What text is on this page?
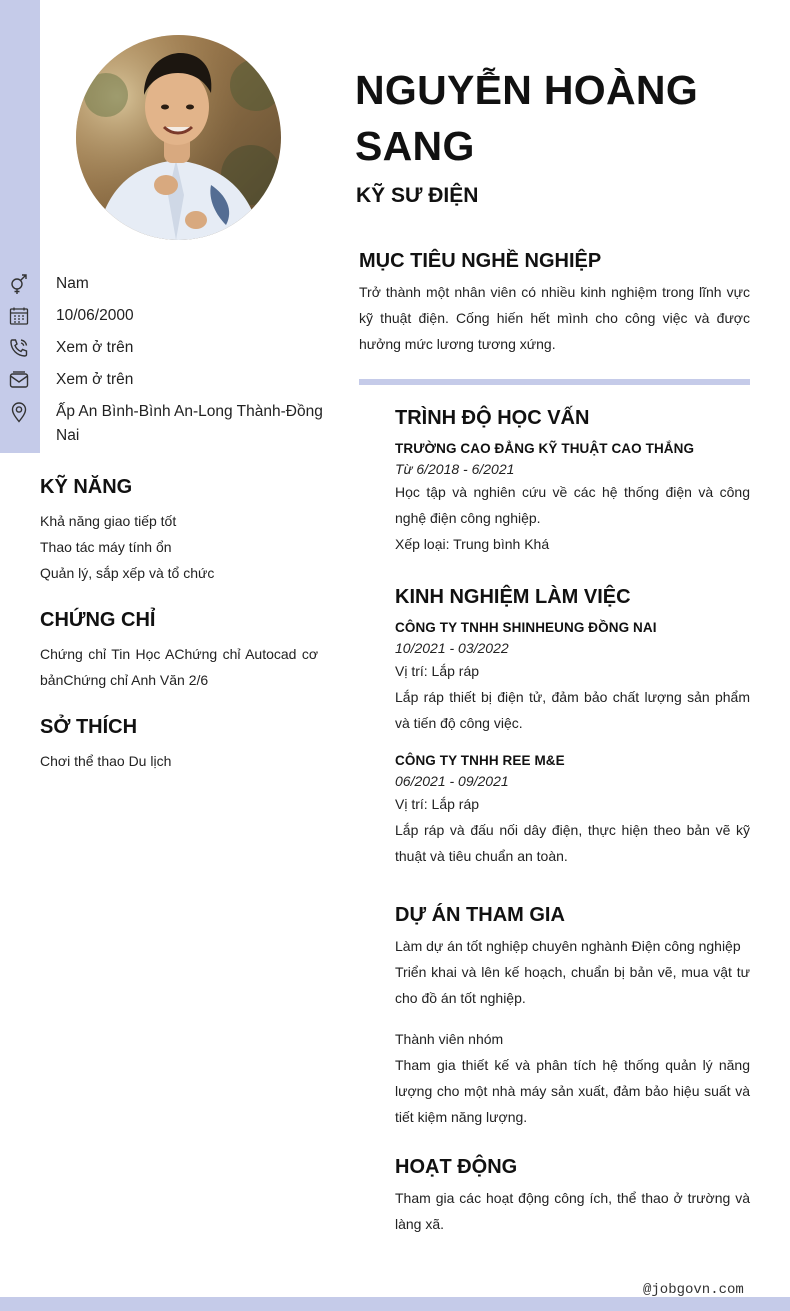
NGUYỄN HOÀNG SANG
KỸ SƯ ĐIỆN
Nam
10/06/2000
Xem ở trên
Xem ở trên
Ấp An Bình-Bình An-Long Thành-Đồng Nai
KỸ NĂNG
Khả năng giao tiếp tốt
Thao tác máy tính ổn
Quản lý, sắp xếp và tổ chức
CHỨNG CHỈ
Chứng chỉ Tin Học AChứng chỉ Autocad cơ bảnChứng chỉ Anh Văn 2/6
SỞ THÍCH
Chơi thể thao Du lịch
MỤC TIÊU NGHỀ NGHIỆP
Trở thành một nhân viên có nhiều kinh nghiệm trong lĩnh vực kỹ thuật điện. Cống hiến hết mình cho công việc và được hưởng mức lương tương xứng.
TRÌNH ĐỘ HỌC VẤN
TRƯỜNG CAO ĐẲNG KỸ THUẬT CAO THẮNG
Từ 6/2018 - 6/2021
Học tập và nghiên cứu về các hệ thống điện và công nghệ điện công nghiệp.
Xếp loại: Trung bình Khá
KINH NGHIỆM LÀM VIỆC
CÔNG TY TNHH SHINHEUNG ĐỒNG NAI
10/2021 - 03/2022
Vị trí: Lắp ráp
Lắp ráp thiết bị điện tử, đảm bảo chất lượng sản phẩm và tiến độ công việc.
CÔNG TY TNHH REE M&E
06/2021 - 09/2021
Vị trí: Lắp ráp
Lắp ráp và đấu nối dây điện, thực hiện theo bản vẽ kỹ thuật và tiêu chuẩn an toàn.
DỰ ÁN THAM GIA
Làm dự án tốt nghiệp chuyên nghành Điện công nghiệp
Triển khai và lên kế hoạch, chuẩn bị bản vẽ, mua vật tư cho đồ án tốt nghiệp.
Thành viên nhóm
Tham gia thiết kế và phân tích hệ thống quản lý năng lượng cho một nhà máy sản xuất, đảm bảo hiệu suất và tiết kiệm năng lượng.
HOẠT ĐỘNG
Tham gia các hoạt động công ích, thể thao ở trường và làng xã.
@jobgovn.com
